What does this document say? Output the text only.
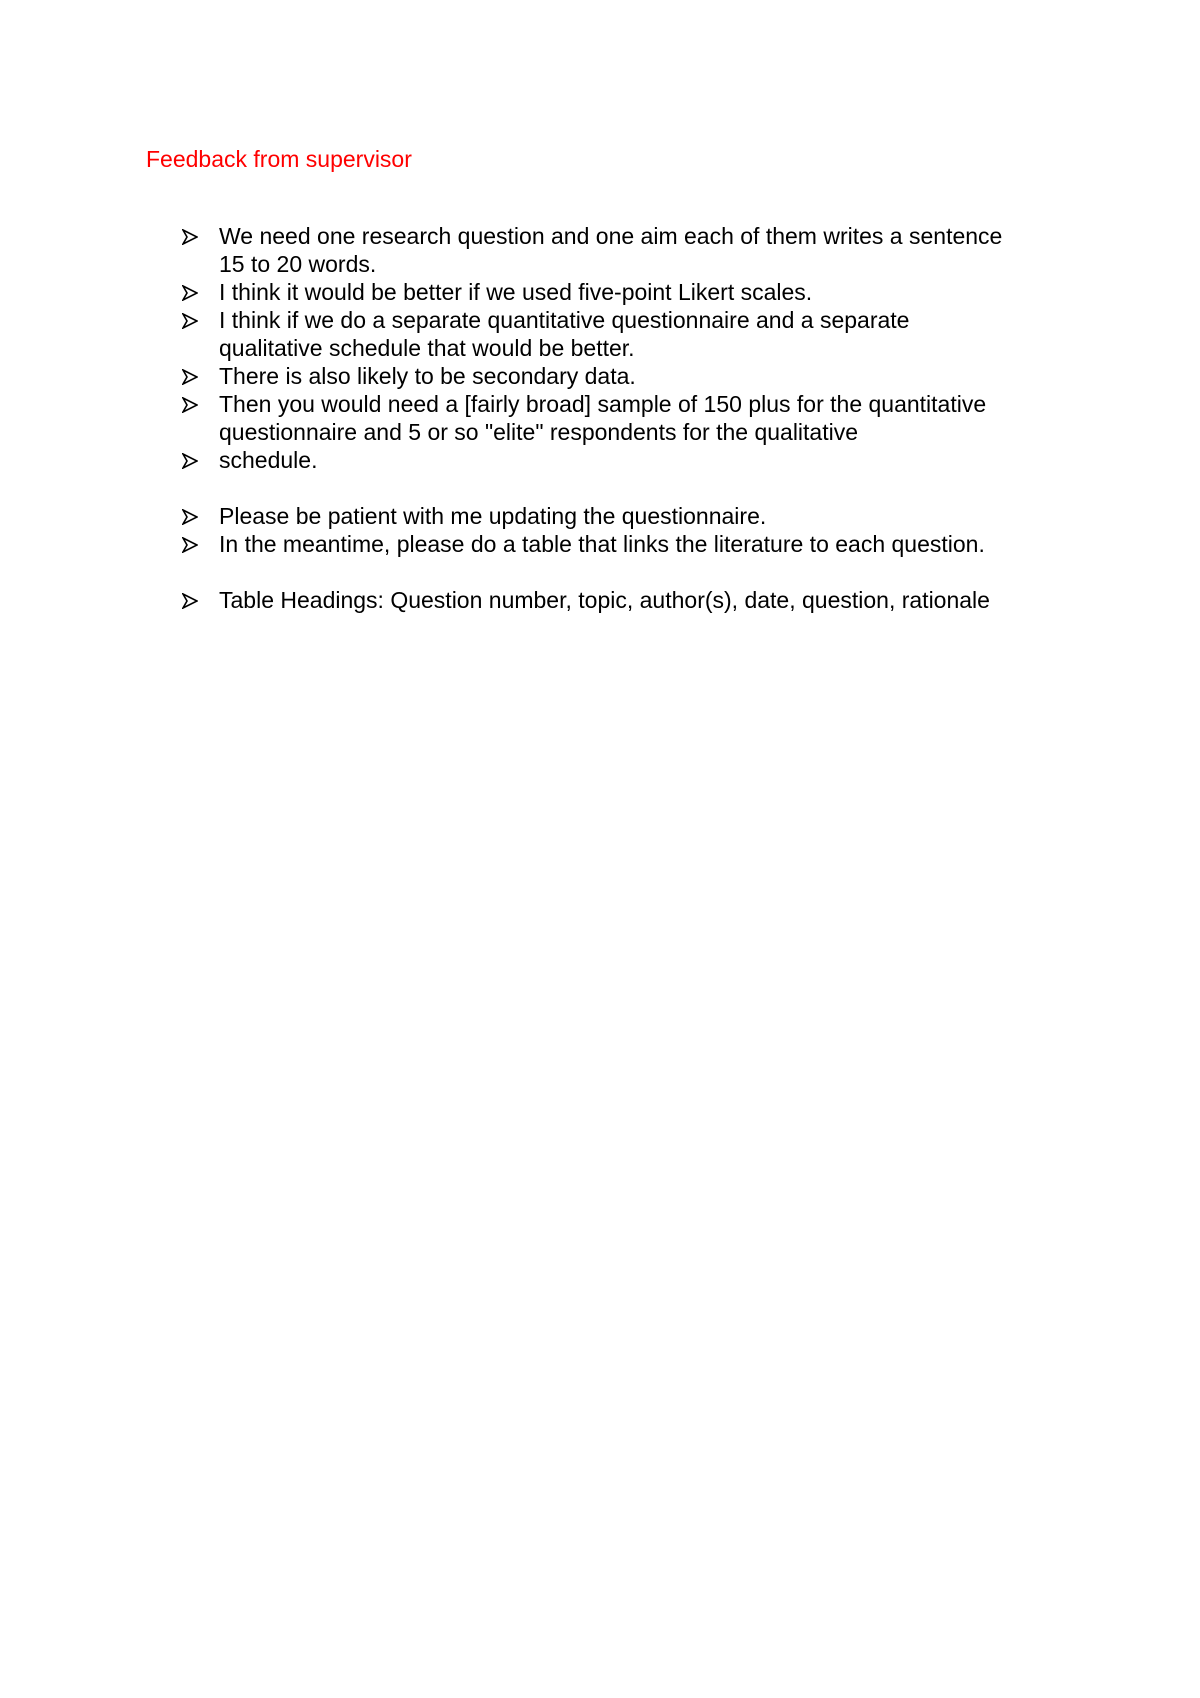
Feedback from supervisor
We need one research question and one aim each of them writes a sentence
15 to 20 words.
I think it would be better if we used five-point Likert scales.
I think if we do a separate quantitative questionnaire and a separate
qualitative schedule that would be better.
There is also likely to be secondary data.
Then you would need a [fairly broad] sample of 150 plus for the quantitative
questionnaire and 5 or so "elite" respondents for the qualitative
schedule.
Please be patient with me updating the questionnaire.
In the meantime, please do a table that links the literature to each question.
Table Headings: Question number, topic, author(s), date, question, rationale
